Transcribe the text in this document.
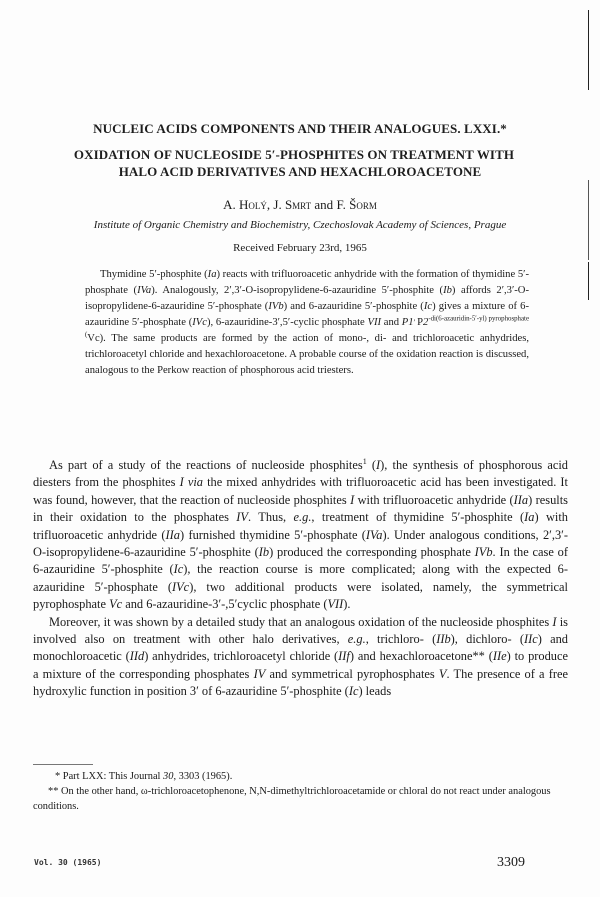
NUCLEIC ACIDS COMPONENTS AND THEIR ANALOGUES. LXXI.*
OXIDATION OF NUCLEOSIDE 5′-PHOSPHITES ON TREATMENT WITH
HALO ACID DERIVATIVES AND HEXACHLOROACETONE
A. Holý, J. Smrt and F. Šorm
Institute of Organic Chemistry and Biochemistry, Czechoslovak Academy of Sciences, Prague
Received February 23rd, 1965
Thymidine 5′-phosphite (Ia) reacts with trifluoroacetic anhydride with the formation of thymidine 5′-phosphate (IVa). Analogously, 2′,3′-O-isopropylidene-6-azauridine 5′-phosphite (Ib) affords 2′,3′-O-isopropylidene-6-azauridine 5′-phosphate (IVb) and 6-azauridine 5′-phosphite (Ic) gives a mixture of 6-azauridine 5′-phosphate (IVc), 6-azauridine-3′,5′-cyclic phosphate VII and P1, $P2^{-di(6-azauridin-5'-yl) pyrophosphate (}Vc$). The same products are formed by the action of mono-, di- and trichloroacetic anhydrides, trichloroacetyl chloride and hexachloroacetone. A probable course of the oxidation reaction is discussed, analogous to the Perkow reaction of phosphorous acid triesters.

As part of a study of the reactions of nucleoside phosphites$^1$ (I), the synthesis of phosphorous acid diesters from the phosphites I via the mixed anhydrides with trifluoroacetic acid has been investigated. It was found, however, that the reaction of nucleoside phosphites I with trifluoroacetic anhydride (IIa) results in their oxidation to the phosphates IV. Thus, e.g., treatment of thymidine 5′-phosphite (Ia) with trifluoroacetic anhydride (IIa) furnished thymidine 5′-phosphate (IVa). Under analogous conditions, 2′,3′-O-isopropylidene-6-azauridine 5′-phosphite (Ib) produced the corresponding phosphate IVb. In the case of 6-azauridine 5′-phosphite (Ic), the reaction course is more complicated; along with the expected 6-azauridine 5′-phosphate (IVc), two additional products were isolated, namely, the symmetrical pyrophosphate Vc and 6-azauridine-3′-,5′cyclic phosphate (VII).

Moreover, it was shown by a detailed study that an analogous oxidation of the nucleoside phosphites I is involved also on treatment with other halo derivatives, e.g., trichloro- (IIb), dichloro- (IIc) and monochloroacetic (IId) anhydrides, trichloroacetyl chloride (IIf) and hexachloroacetone** (IIe) to produce a mixture of the corresponding phosphates IV and symmetrical pyrophosphates V. The presence of a free hydroxylic function in position 3′ of 6-azauridine 5′-phosphite (Ic) leads

* Part LXX: This Journal 30, 3303 (1965).

** On the other hand, ω-trichloroacetophenone, N,N-dimethyltrichloroacetamide or chloral do not react under analogous conditions.

Vol. 30 (1965)	3309
